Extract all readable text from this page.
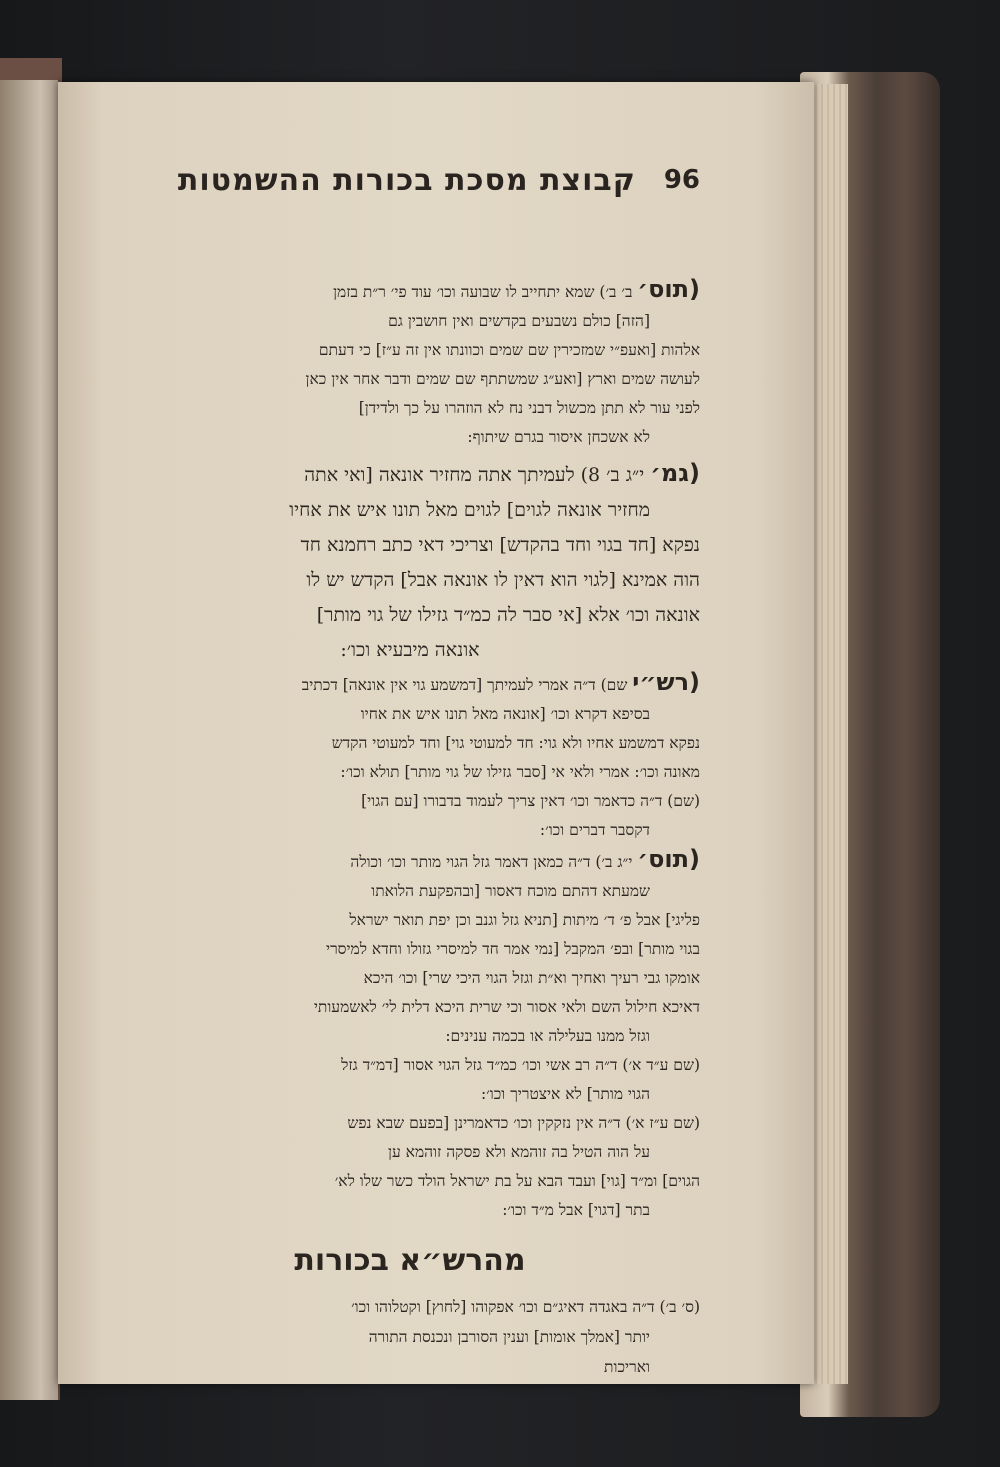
96
קבוצת מסכת בכורות ההשמטות

(תוס׳ ב׳ ב׳) שמא יתחייב לו שבועה וכו׳ עוד פי׳ ר״ת בזמן

[הזה] כולם נשבעים בקדשים ואין חושבין גם

אלהות [ואעפ״י שמזכירין שם שמים וכוונתו אין זה ע״ז] כי דעתם

לעושה שמים וארץ [ואע״ג שמשתתף שם שמים ודבר אחר אין כאן

לפני עור לא תתן מכשול דבני נח לא הוזהרו על כך ולדידן]

לא אשכחן איסור בגרם שיתוף:

(גמ׳ י״ג ב׳ 8) לעמיתך אתה מחזיר אונאה [ואי אתה

מחזיר אונאה לגוים] לגוים מאל תונו איש את אחיו

נפקא [חד בגוי וחד בהקדש] וצריכי דאי כתב רחמנא חד

הוה אמינא [לגוי הוא דאין לו אונאה אבל] הקדש יש לו

אונאה וכו׳ אלא [אי סבר לה כמ״ד גזילו של גוי מותר]

אונאה מיבעיא וכו׳:

(רש״י שם) ד״ה אמרי לעמיתך [דמשמע גוי אין אונאה] דכתיב

בסיפא דקרא וכו׳ [אונאה מאל תונו איש את אחיו

נפקא דמשמע אחיו ולא גוי: חד למעוטי גוי] וחד למעוטי הקדש

מאונה וכו׳: אמרי ולאי אי [סבר גזילו של גוי מותר] תולא וכו׳:

(שם) ד״ה כדאמר וכו׳ דאין צריך לעמוד בדבורו [עם הגוי]

דקסבר דברים וכו׳:

(תוס׳ י״ג ב׳) ד״ה כמאן דאמר גזל הגוי מותר וכו׳ וכולה

שמעתא דהתם מוכח דאסור [ובהפקעת הלואתו

פליגי] אבל פ׳ ד׳ מיתות [תניא גזל וגנב וכן יפת תואר ישראל

בגוי מותר] ובפ׳ המקבל [נמי אמר חד למיסרי גזולו וחדא למיסרי

אומקו גבי רעיך ואחיך וא״ת וגזל הגוי היכי שרי] וכו׳ היכא

דאיכא חילול השם ולאי אסור וכי שרית היכא דלית לי׳ לאשמעותי

וגזל ממנו בעלילה או בכמה ענינים:

(שם ע״ד א׳) ד״ה רב אשי וכו׳ כמ״ד גזל הגוי אסור [דמ״ד גזל

הגוי מותר] לא איצטריך וכו׳:

(שם ע״ז א׳) ד״ה אין נזקקין וכו׳ כדאמרינן [בפעם שבא נפש

על הוה הטיל בה זוהמא ולא פסקה זוהמא ען

הגוים] ומ״ד [גוי] ועבד הבא על בת ישראל הולד כשר שלו לא׳

בתר [דגוי] אבל מ״ד וכו׳:

מהרש״א בכורות

(ס׳ ב׳) ד״ה באגדה דאיג״ם וכו׳ אפקוהו [לחוץ] וקטלוהו וכו׳

יותר [אמלך אומות] וענין הסורבן ונכנסת התורה

ואריכות
